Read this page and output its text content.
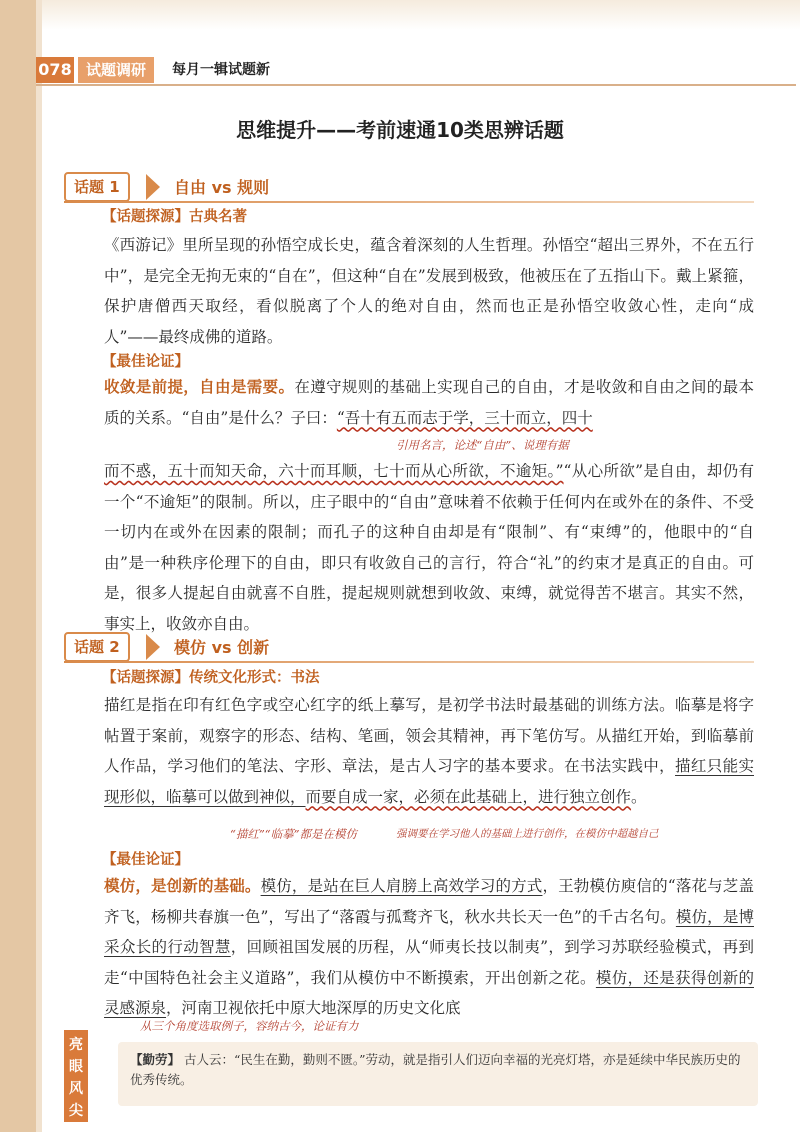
078 试题调研	每月一辑试题新
思维提升——考前速通10类思辨话题
话题 1	自由 vs 规则
【话题探源】古典名著

《西游记》里所呈现的孙悟空成长史，蕴含着深刻的人生哲理。孙悟空“超出三界外，不在五行中”，是完全无拘无束的“自在”，但这种“自在”发展到极致，他被压在了五指山下。戴上紧箍，保护唐僧西天取经，看似脱离了个人的绝对自由，然而也正是孙悟空收敛心性，走向“成人”——最终成佛的道路。

【最佳论证】

收敛是前提，自由是需要。在遵守规则的基础上实现自己的自由，才是收敛和自由之间的最本质的关系。“自由”是什么？子曰：“吾十有五而志于学，三十而立，四十

引用名言，论述“自由”、说理有据

而不惑，五十而知天命，六十而耳顺，七十而从心所欲，不逾矩。”“从心所欲”是自由，却仍有一个“不逾矩”的限制。所以，庄子眼中的“自由”意味着不依赖于任何内在或外在的条件、不受一切内在或外在因素的限制；而孔子的这种自由却是有“限制”、有“束缚”的，他眼中的“自由”是一种秩序伦理下的自由，即只有收敛自己的言行，符合“礼”的约束才是真正的自由。可是，很多人提起自由就喜不自胜，提起规则就想到收敛、束缚，就觉得苦不堪言。其实不然，事实上，收敛亦自由。

话题 2	模仿 vs 创新
【话题探源】传统文化形式：书法

描红是指在印有红色字或空心红字的纸上摹写，是初学书法时最基础的训练方法。临摹是将字帖置于案前，观察字的形态、结构、笔画，领会其精神，再下笔仿写。从描红开始，到临摹前人作品，学习他们的笔法、字形、章法，是古人习字的基本要求。在书法实践中，描红只能实现形似，临摹可以做到神似，而要自成一家，必须在此基础上，进行独立创作。

“描红”“临摹”都是在模仿	强调要在学习他人的基础上进行创作，在模仿中超越自己
【最佳论证】

模仿，是创新的基础。模仿，是站在巨人肩膀上高效学习的方式，王勃模仿庾信的“落花与芝盖齐飞，杨柳共春旗一色”，写出了“落霞与孤鹜齐飞，秋水共长天一色”的千古名句。模仿，是博采众长的行动智慧，回顾祖国发展的历程，从“师夷长技以制夷”，到学习苏联经验模式，再到走“中国特色社会主义道路”，我们从模仿中不断摸索，开出创新之花。模仿，还是获得创新的灵感源泉，河南卫视依托中原大地深厚的历史文化底

从三个角度选取例子，容纳古今，论证有力
亮眼风尖
【勤劳】 古人云：“民生在勤，勤则不匮。”劳动，就是指引人们迈向幸福的光亮灯塔，亦是延续中华民族历史的优秀传统。
